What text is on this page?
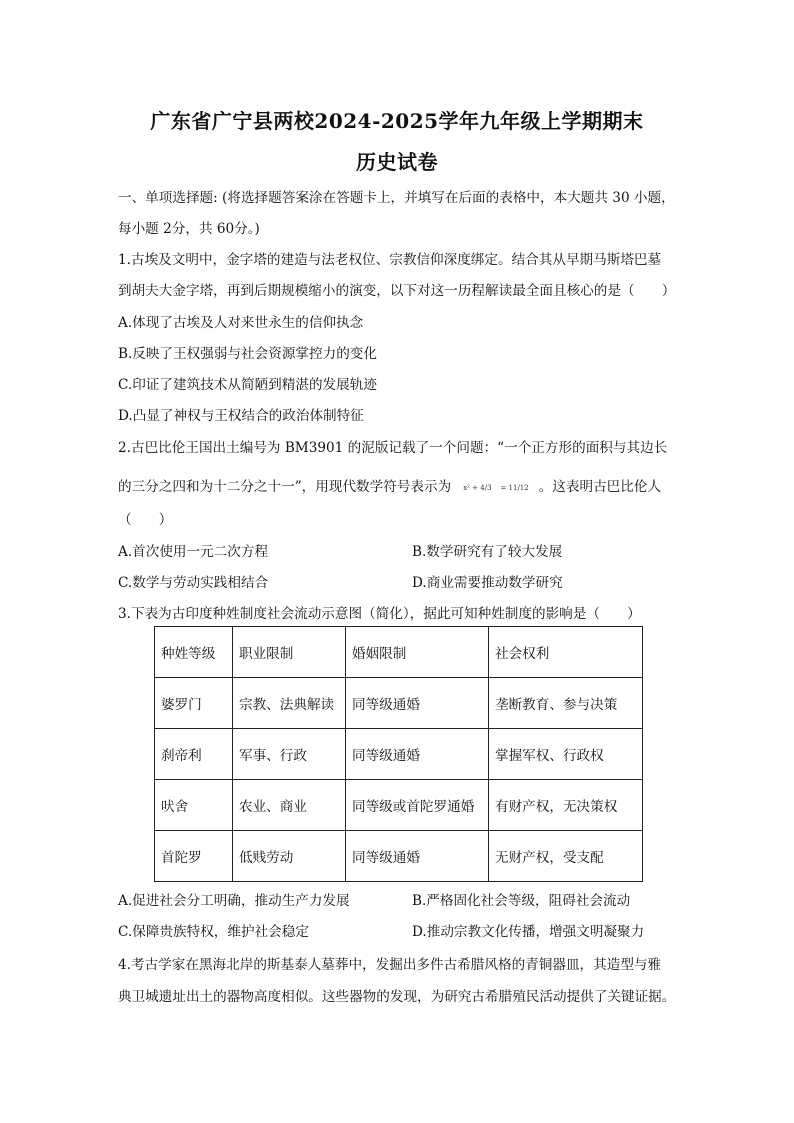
广东省广宁县两校2024-2025学年九年级上学期期末
历史试卷
一、单项选择题: (将选择题答案涂在答题卡上，并填写在后面的表格中，本大题共 30 小题，
每小题 2分，共 60分。)
1.古埃及文明中，金字塔的建造与法老权位、宗教信仰深度绑定。结合其从早期马斯塔巴墓
到胡夫大金字塔，再到后期规模缩小的演变，以下对这一历程解读最全面且核心的是（　　）
A.体现了古埃及人对来世永生的信仰执念
B.反映了王权强弱与社会资源掌控力的变化
C.印证了建筑技术从简陋到精湛的发展轨迹
D.凸显了神权与王权结合的政治体制特征
2.古巴比伦王国出土编号为 BM3901 的泥版记载了一个问题：“一个正方形的面积与其边长
的三分之四和为十二分之十一”，用现代数学符号表示为 x² + 4/3 = 11/12 。这表明古巴比伦人
（　　）
A.首次使用一元二次方程	B.数学研究有了较大发展
C.数学与劳动实践相结合	D.商业需要推动数学研究
3.下表为古印度种姓制度社会流动示意图（简化），据此可知种姓制度的影响是（　　）
种姓等级	职业限制	婚姻限制	社会权利
婆罗门	宗教、法典解读	同等级通婚	垄断教育、参与决策
刹帝利	军事、行政	同等级通婚	掌握军权、行政权
吠舍	农业、商业	同等级或首陀罗通婚	有财产权，无决策权
首陀罗	低贱劳动	同等级通婚	无财产权，受支配
A.促进社会分工明确，推动生产力发展	B.严格固化社会等级，阻碍社会流动
C.保障贵族特权，维护社会稳定	D.推动宗教文化传播，增强文明凝聚力
4.考古学家在黑海北岸的斯基泰人墓葬中，发掘出多件古希腊风格的青铜器皿，其造型与雅
典卫城遗址出土的器物高度相似。这些器物的发现，为研究古希腊殖民活动提供了关键证据。
